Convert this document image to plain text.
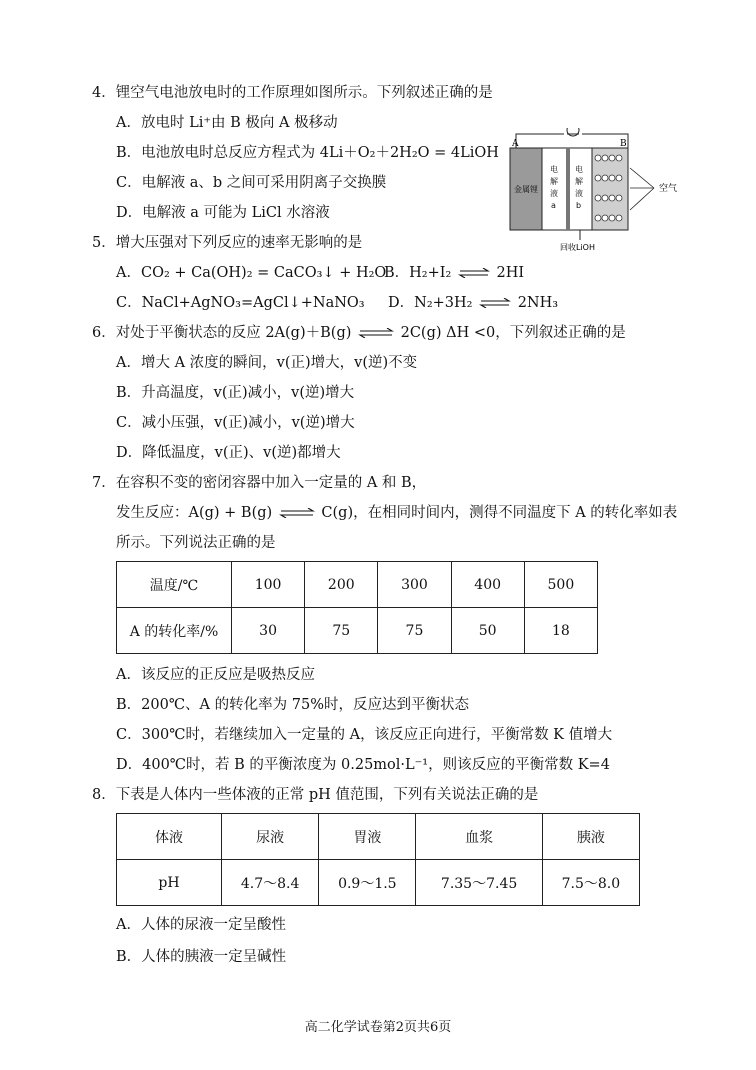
4．锂空气电池放电时的工作原理如图所示。下列叙述正确的是
A．放电时 Li⁺由 B 极向 A 极移动
B．电池放电时总反应方程式为 4Li＋O₂＋2H₂O = 4LiOH
C．电解液 a、b 之间可采用阴离子交换膜
D．电解液 a 可能为 LiCl 水溶液
金属锂
电解液 a
电解液 b
A	B
空气
回收LiOH
5．增大压强对下列反应的速率无影响的是
A．CO₂ + Ca(OH)₂ = CaCO₃↓ + H₂O
B．H₂+I₂ ⇌ 2HI
C．NaCl+AgNO₃=AgCl↓+NaNO₃ D．N₂+3H₂ ⇌ 2NH₃
6．对处于平衡状态的反应 2A(g)＋B(g) ⇌ 2C(g) ΔH <0，下列叙述正确的是
A．增大 A 浓度的瞬间，v(正)增大，v(逆)不变
B．升高温度，v(正)减小，v(逆)增大
C．减小压强，v(正)减小，v(逆)增大
D．降低温度，v(正)、v(逆)都增大
7．在容积不变的密闭容器中加入一定量的 A 和 B，
发生反应：A(g) + B(g) ⇌ C(g)，在相同时间内，测得不同温度下 A 的转化率如表
所示。下列说法正确的是
温度/℃	100	200	300	400	500
A 的转化率/%	30	75	75	50	18
A．该反应的正反应是吸热反应
B．200℃、A 的转化率为 75%时，反应达到平衡状态
C．300℃时，若继续加入一定量的 A，该反应正向进行，平衡常数 K 值增大
D．400℃时，若 B 的平衡浓度为 0.25mol·L⁻¹，则该反应的平衡常数 K=4
8．下表是人体内一些体液的正常 pH 值范围，下列有关说法正确的是
体液	尿液	胃液	血浆	胰液
pH	4.7～8.4	0.9～1.5	7.35～7.45	7.5～8.0
A．人体的尿液一定呈酸性
B．人体的胰液一定呈碱性
高二化学试卷第2页共6页
